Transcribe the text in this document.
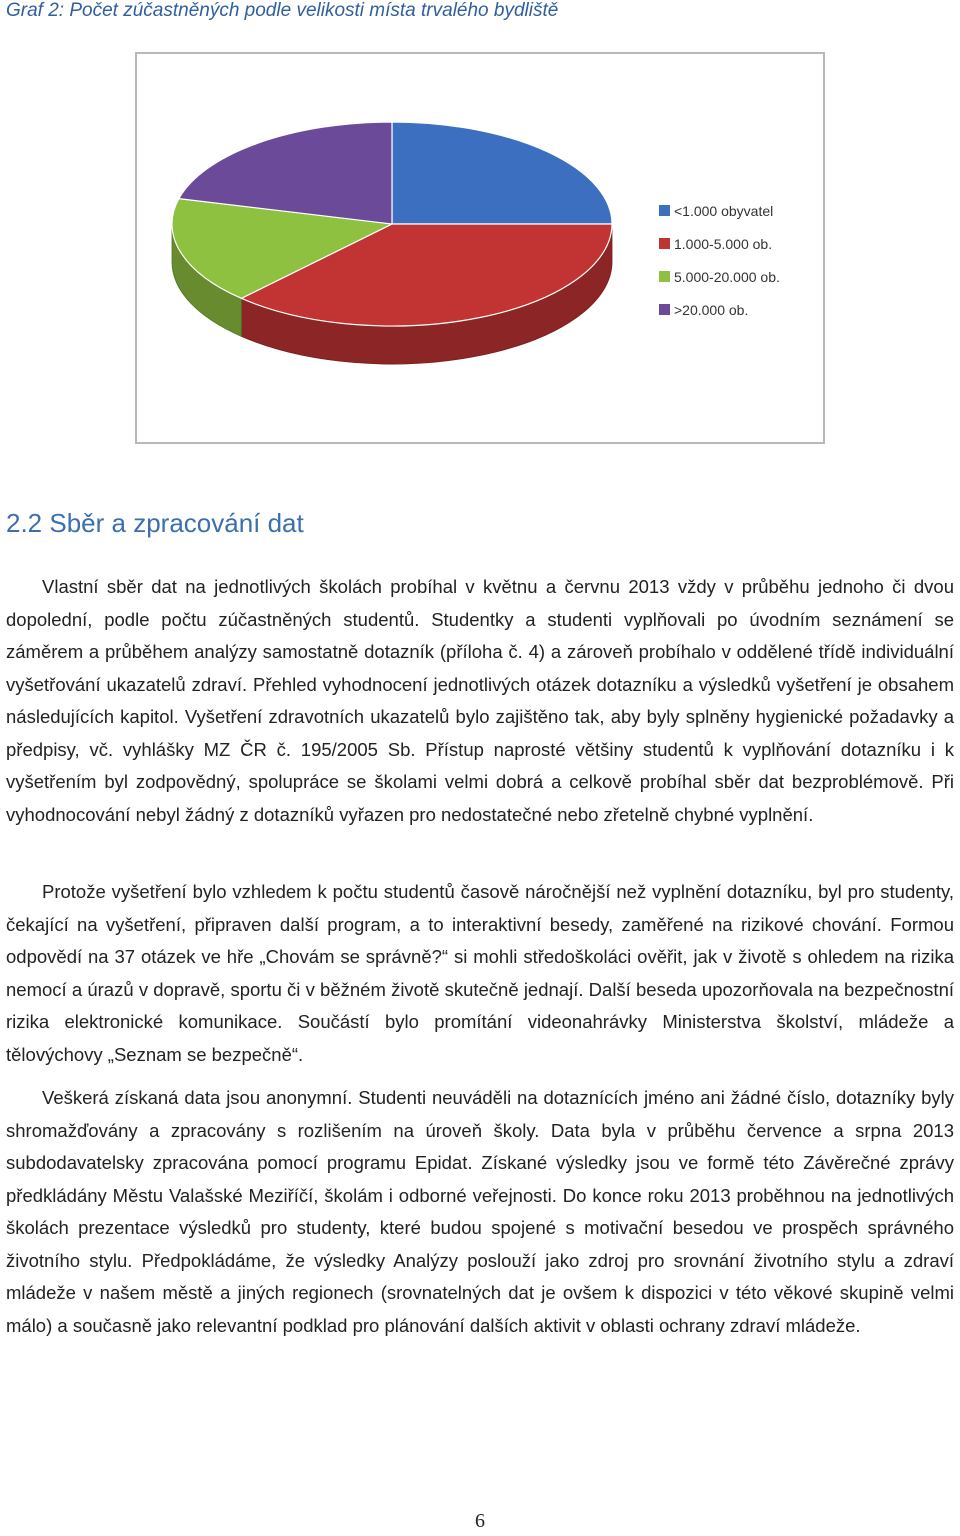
Graf 2: Počet zúčastněných podle velikosti místa trvalého bydliště
<1.000 obyvatel
1.000-5.000 ob.
5.000-20.000 ob.
>20.000 ob.
2.2 Sběr a zpracování dat

Vlastní sběr dat na jednotlivých školách probíhal v květnu a červnu 2013 vždy v průběhu jednoho či dvou dopolední, podle počtu zúčastněných studentů. Studentky a studenti vyplňovali po úvodním seznámení se záměrem a průběhem analýzy samostatně dotazník (příloha č. 4) a zároveň probíhalo v oddělené třídě individuální vyšetřování ukazatelů zdraví. Přehled vyhodnocení jednotlivých otázek dotazníku a výsledků vyšetření je obsahem následujících kapitol. Vyšetření zdravotních ukazatelů bylo zajištěno tak, aby byly splněny hygienické požadavky a předpisy, vč. vyhlášky MZ ČR č. 195/2005 Sb. Přístup naprosté většiny studentů k vyplňování dotazníku i k vyšetřením byl zodpovědný, spolupráce se školami velmi dobrá a celkově probíhal sběr dat bezproblémově. Při vyhodnocování nebyl žádný z dotazníků vyřazen pro nedostatečné nebo zřetelně chybné vyplnění.

Protože vyšetření bylo vzhledem k počtu studentů časově náročnější než vyplnění dotazníku, byl pro studenty, čekající na vyšetření, připraven další program, a to interaktivní besedy, zaměřené na rizikové chování. Formou odpovědí na 37 otázek ve hře „Chovám se správně?“ si mohli středoškoláci ověřit, jak v životě s ohledem na rizika nemocí a úrazů v dopravě, sportu či v běžném životě skutečně jednají. Další beseda upozorňovala na bezpečnostní rizika elektronické komunikace. Součástí bylo promítání videonahrávky Ministerstva školství, mládeže a tělovýchovy „Seznam se bezpečně“.

Veškerá získaná data jsou anonymní. Studenti neuváděli na dotaznících jméno ani žádné číslo, dotazníky byly shromažďovány a zpracovány s rozlišením na úroveň školy. Data byla v průběhu července a srpna 2013 subdodavatelsky zpracována pomocí programu Epidat. Získané výsledky jsou ve formě této Závěrečné zprávy předkládány Městu Valašské Meziříčí, školám i odborné veřejnosti. Do konce roku 2013 proběhnou na jednotlivých školách prezentace výsledků pro studenty, které budou spojené s motivační besedou ve prospěch správného životního stylu. Předpokládáme, že výsledky Analýzy poslouží jako zdroj pro srovnání životního stylu a zdraví mládeže v našem městě a jiných regionech (srovnatelných dat je ovšem k dispozici v této věkové skupině velmi málo) a současně jako relevantní podklad pro plánování dalších aktivit v oblasti ochrany zdraví mládeže.

6
